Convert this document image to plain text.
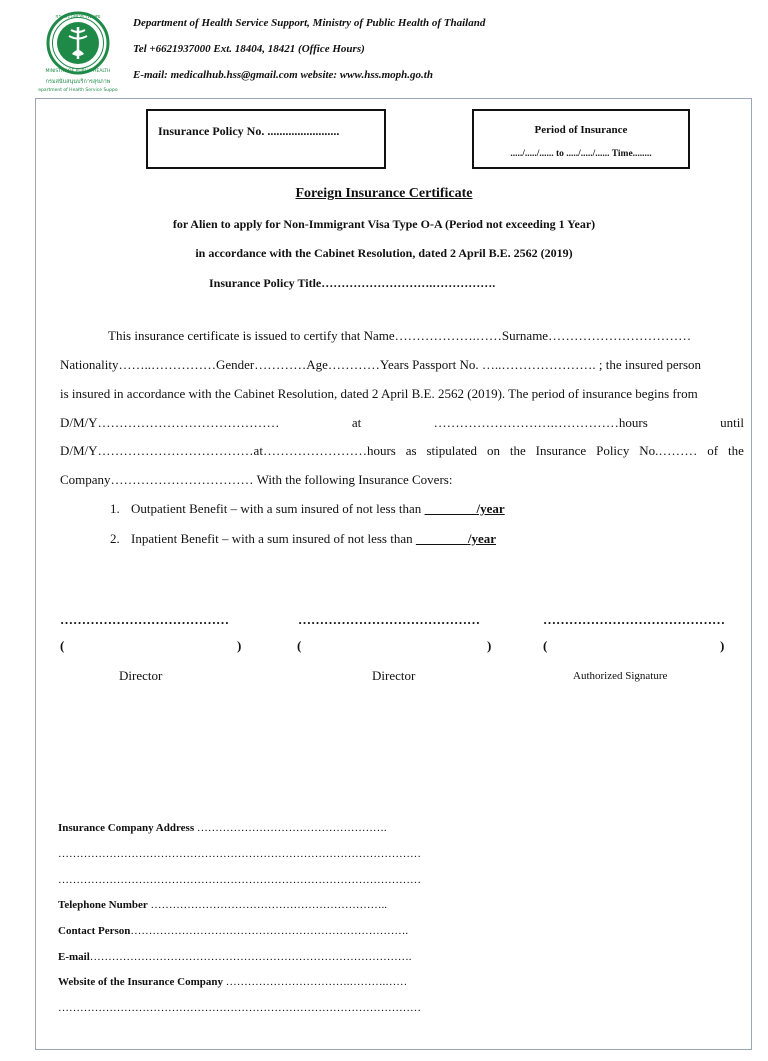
กระทรวงสาธารณสุข
MINISTRY OF PUBLIC HEALTH
กรมสนับสนุนบริการสุขภาพ
Department of Health Service Support
Department of Health Service Support, Ministry of Public Health of Thailand
Tel +6621937000 Ext. 18404, 18421 (Office Hours)
E-mail: medicalhub.hss@gmail.com website: www.hss.moph.go.th
Insurance Policy No. ........................	Period of Insurance
...../...../...... to ...../...../...... Time........
Foreign Insurance Certificate
for Alien to apply for Non-Immigrant Visa Type O-A (Period not exceeding 1 Year)
in accordance with the Cabinet Resolution, dated 2 April B.E. 2562 (2019)
Insurance Policy Title……………………….…………….
This insurance certificate is issued to certify that Name……………….……Surname……………………………
Nationality……..……………Gender…………Age…………Years Passport No. …..…………………. ; the insured person
is insured in accordance with the Cabinet Resolution, dated 2 April B.E. 2562 (2019). The period of insurance begins from
D/M/Y……………………………………	at	……………………….……………hours	until
D/M/Y………………………………at……………………hours as stipulated on the Insurance Policy No.……… of the
Company…………………………… With the following Insurance Covers:
1. Outpatient Benefit – with a sum insured of not less than	/year
2. Inpatient Benefit – with a sum insured of not less than	/year
…………………………………	……………………………………	……………………………………
(	)	(	)	(	)
Director	Director	Authorized Signature
Insurance Company Address …………………………………………….
………………………………………………………………………………………
………………………………………………………………………………………
Telephone Number ………………………………………………………..
Contact Person………………………………………………………………….
E-mail…………………………………………………………………………….
Website of the Insurance Company …………………………….……….……
………………………………………………………………………………………
